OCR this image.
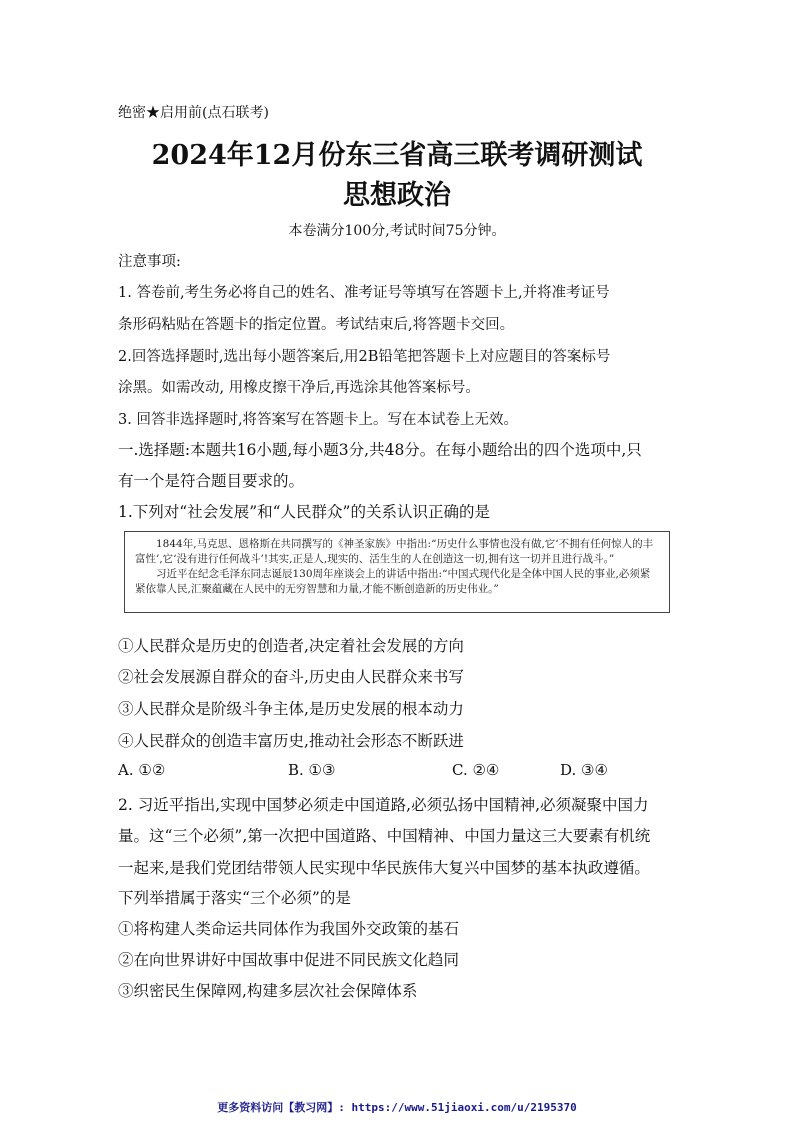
绝密★启用前(点石联考)
2024年12月份东三省高三联考调研测试
思想政治
本卷满分100分,考试时间75分钟。
注意事项:
1. 答卷前,考生务必将自己的姓名、准考证号等填写在答题卡上,并将准考证号
条形码粘贴在答题卡的指定位置。考试结束后,将答题卡交回。
2.回答选择题时,选出每小题答案后,用2B铅笔把答题卡上对应题目的答案标号
涂黑。如需改动, 用橡皮擦干净后,再选涂其他答案标号。
3. 回答非选择题时,将答案写在答题卡上。写在本试卷上无效。
一.选择题:本题共16小题,每小题3分,共48分。在每小题给出的四个选项中,只
有一个是符合题目要求的。
1.下列对“社会发展”和“人民群众”的关系认识正确的是

1844年,马克思、恩格斯在共同撰写的《神圣家族》中指出:“历史什么事情也没有做,它‘不拥有任何惊人的丰富性’,它‘没有进行任何战斗’!其实,正是人,现实的、活生生的人在创造这一切,拥有这一切并且进行战斗。”

习近平在纪念毛泽东同志诞辰130周年座谈会上的讲话中指出:“中国式现代化是全体中国人民的事业,必须紧紧依靠人民,汇聚蕴藏在人民中的无穷智慧和力量,才能不断创造新的历史伟业。”

①人民群众是历史的创造者,决定着社会发展的方向
②社会发展源自群众的奋斗,历史由人民群众来书写
③人民群众是阶级斗争主体,是历史发展的根本动力
④人民群众的创造丰富历史,推动社会形态不断跃进
A. ①②	B. ①③	C. ②④	D. ③④
2. 习近平指出,实现中国梦必须走中国道路,必须弘扬中国精神,必须凝聚中国力
量。这“三个必须”,第一次把中国道路、中国精神、中国力量这三大要素有机统
一起来,是我们党团结带领人民实现中华民族伟大复兴中国梦的基本执政遵循。
下列举措属于落实“三个必须”的是
①将构建人类命运共同体作为我国外交政策的基石
②在向世界讲好中国故事中促进不同民族文化趋同
③织密民生保障网,构建多层次社会保障体系
更多资料访问【教习网】: https://www.51jiaoxi.com/u/2195370
